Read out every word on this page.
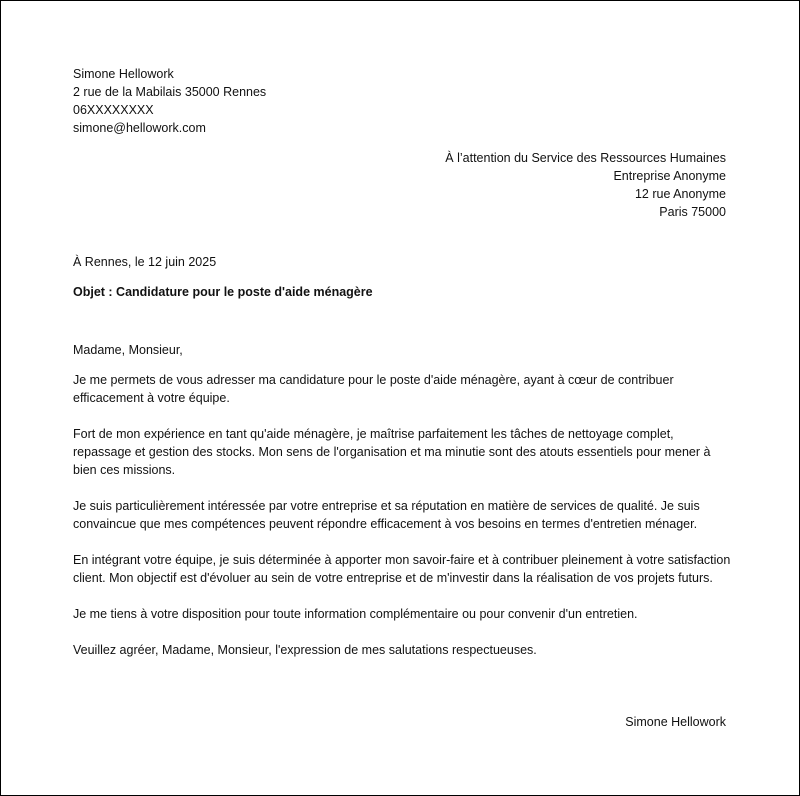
Simone Hellowork
2 rue de la Mabilais 35000 Rennes
06XXXXXXXX
simone@hellowork.com
À l’attention du Service des Ressources Humaines
Entreprise Anonyme
12 rue Anonyme
Paris 75000
À Rennes, le 12 juin 2025
Objet : Candidature pour le poste d'aide ménagère

Madame, Monsieur,

Je me permets de vous adresser ma candidature pour le poste d'aide ménagère, ayant à cœur de contribuer efficacement à votre équipe.

Fort de mon expérience en tant qu'aide ménagère, je maîtrise parfaitement les tâches de nettoyage complet, repassage et gestion des stocks. Mon sens de l'organisation et ma minutie sont des atouts essentiels pour mener à bien ces missions.

Je suis particulièrement intéressée par votre entreprise et sa réputation en matière de services de qualité. Je suis convaincue que mes compétences peuvent répondre efficacement à vos besoins en termes d'entretien ménager.

En intégrant votre équipe, je suis déterminée à apporter mon savoir-faire et à contribuer pleinement à votre satisfaction client. Mon objectif est d'évoluer au sein de votre entreprise et de m'investir dans la réalisation de vos projets futurs.

Je me tiens à votre disposition pour toute information complémentaire ou pour convenir d'un entretien.

Veuillez agréer, Madame, Monsieur, l'expression de mes salutations respectueuses.

Simone Hellowork
